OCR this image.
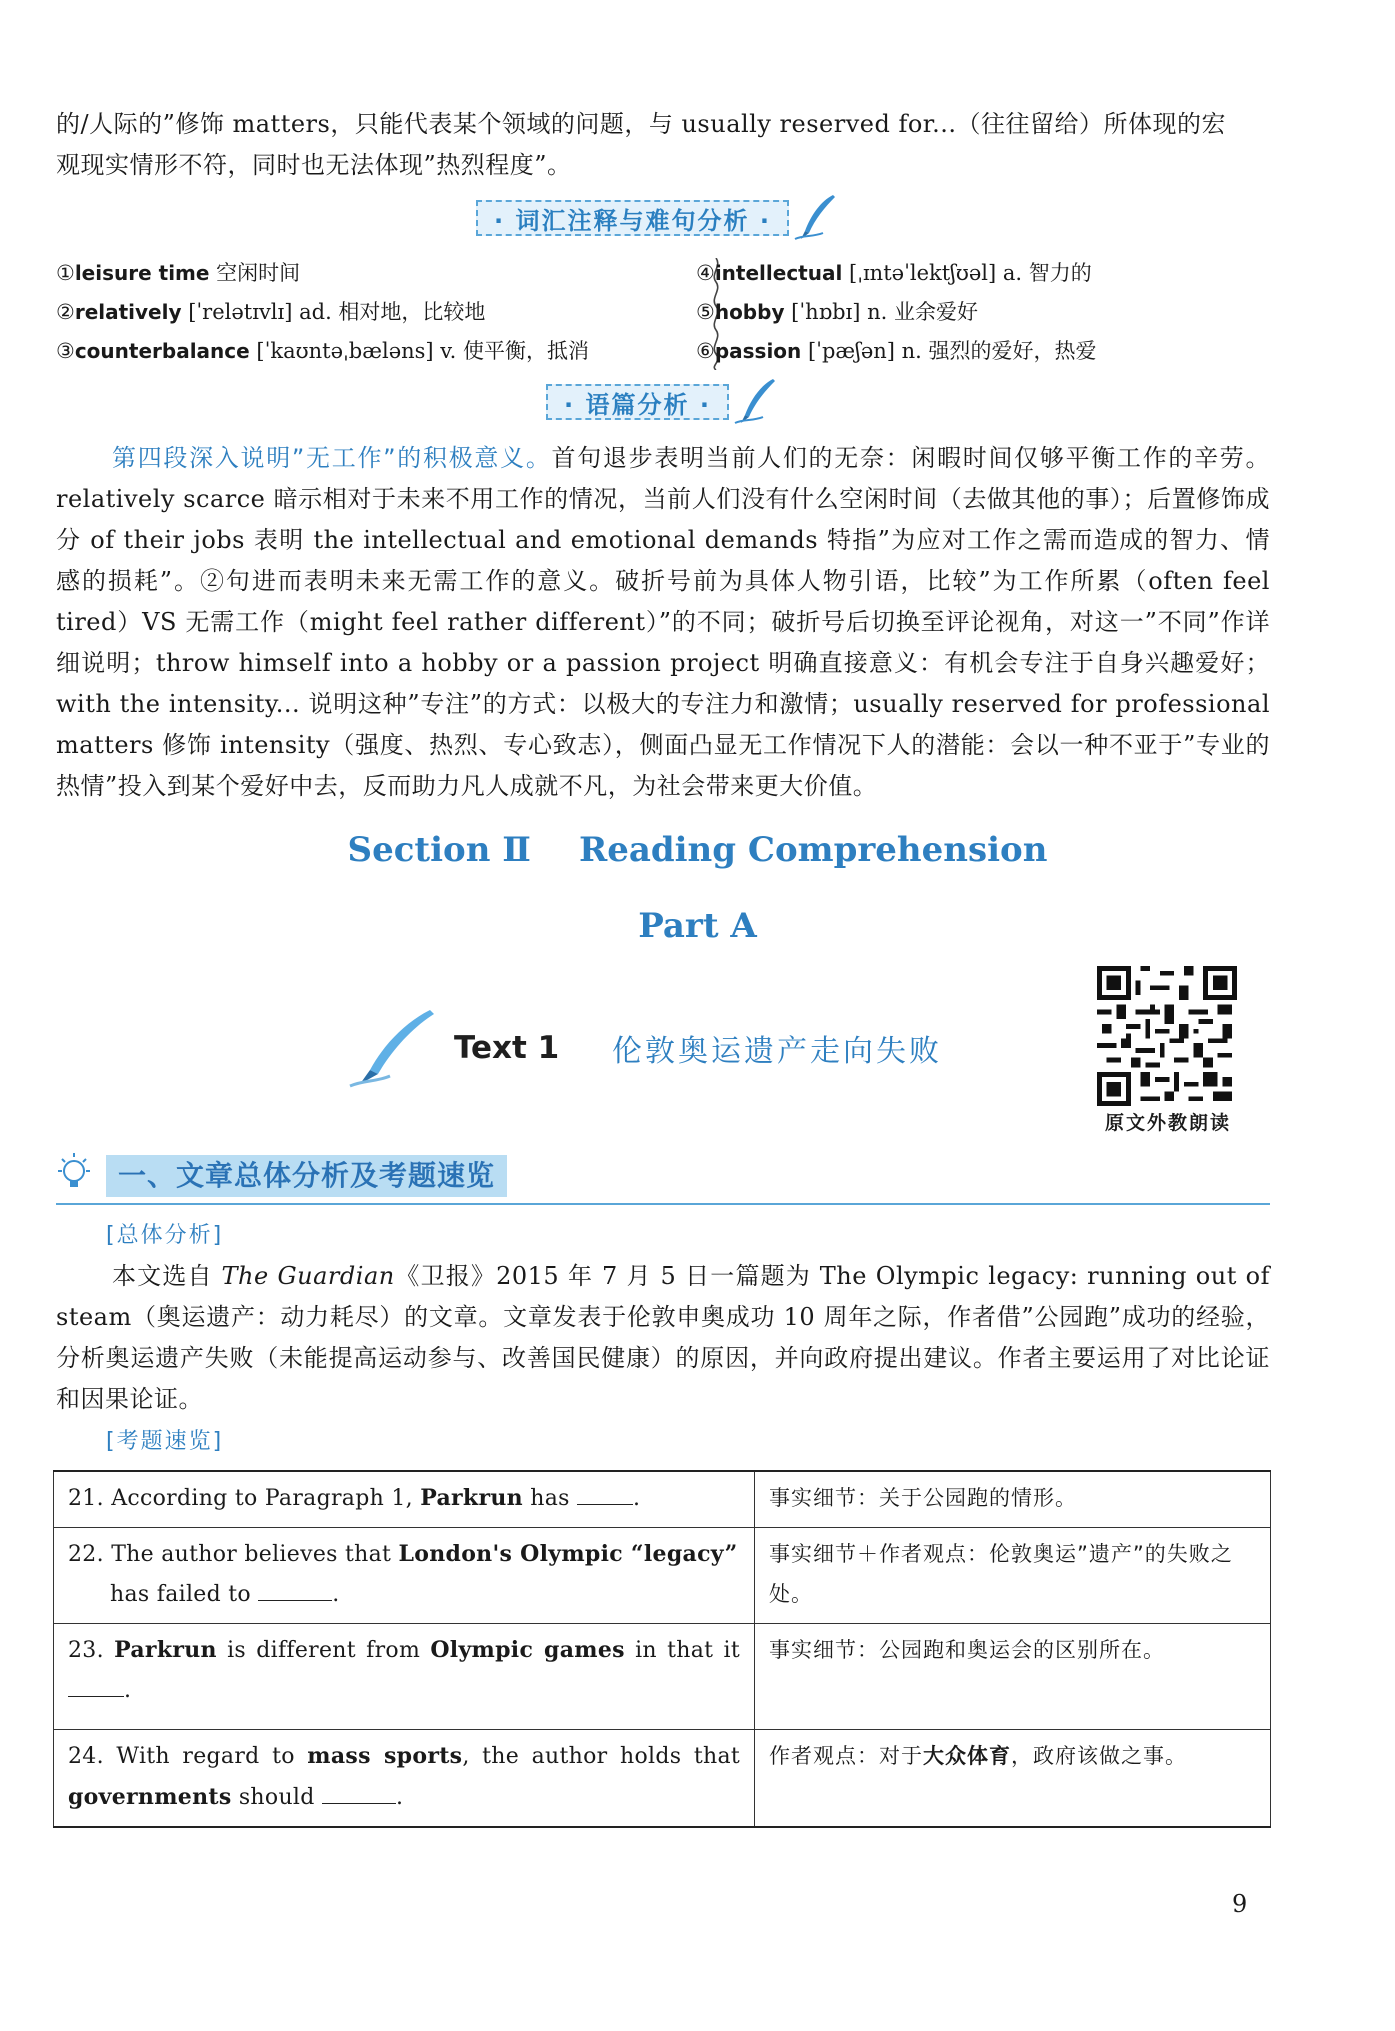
的/人际的”修饰 matters，只能代表某个领域的问题，与 usually reserved for...（往往留给）所体现的宏

观现实情形不符，同时也无法体现”热烈程度”。

· 词汇注释与难句分析 ·
①leisure time 空闲时间
②relatively [ˈrelətɪvlɪ] ad. 相对地，比较地
③counterbalance [ˈkaʊntəˌbæləns] v. 使平衡，抵消
④intellectual [ˌɪntəˈlektʃʊəl] a. 智力的
⑤hobby [ˈhɒbɪ] n. 业余爱好
⑥passion [ˈpæʃən] n. 强烈的爱好，热爱
· 语篇分析 ·

第四段深入说明”无工作”的积极意义。首句退步表明当前人们的无奈：闲暇时间仅够平衡工作的辛劳。relatively scarce 暗示相对于未来不用工作的情况，当前人们没有什么空闲时间（去做其他的事）；后置修饰成分 of their jobs 表明 the intellectual and emotional demands 特指”为应对工作之需而造成的智力、情感的损耗”。②句进而表明未来无需工作的意义。破折号前为具体人物引语，比较”为工作所累（often feel tired）VS 无需工作（might feel rather different）”的不同；破折号后切换至评论视角，对这一”不同”作详细说明；throw himself into a hobby or a passion project 明确直接意义：有机会专注于自身兴趣爱好；with the intensity... 说明这种”专注”的方式：以极大的专注力和激情；usually reserved for professional matters 修饰 intensity（强度、热烈、专心致志），侧面凸显无工作情况下人的潜能：会以一种不亚于”专业的热情”投入到某个爱好中去，反而助力凡人成就不凡，为社会带来更大价值。

Section Ⅱ Reading Comprehension
Part A
Text 1 伦敦奥运遗产走向失败
原文外教朗读
一、文章总体分析及考题速览
[总体分析]

本文选自 The Guardian《卫报》2015 年 7 月 5 日一篇题为 The Olympic legacy: running out of steam（奥运遗产：动力耗尽）的文章。文章发表于伦敦申奥成功 10 周年之际，作者借”公园跑”成功的经验，分析奥运遗产失败（未能提高运动参与、改善国民健康）的原因，并向政府提出建议。作者主要运用了对比论证和因果论证。

[考题速览]
21. According to Paragraph 1, Parkrun has .	事实细节：关于公园跑的情形。
22. The author believes that London's Olympic “legacy”
has failed to .	事实细节＋作者观点：伦敦奥运”遗产”的失败之处。
23. Parkrun is different from Olympic games in that it .	事实细节：公园跑和奥运会的区别所在。
24. With regard to mass sports, the author holds that governments should .	作者观点：对于大众体育，政府该做之事。
9
